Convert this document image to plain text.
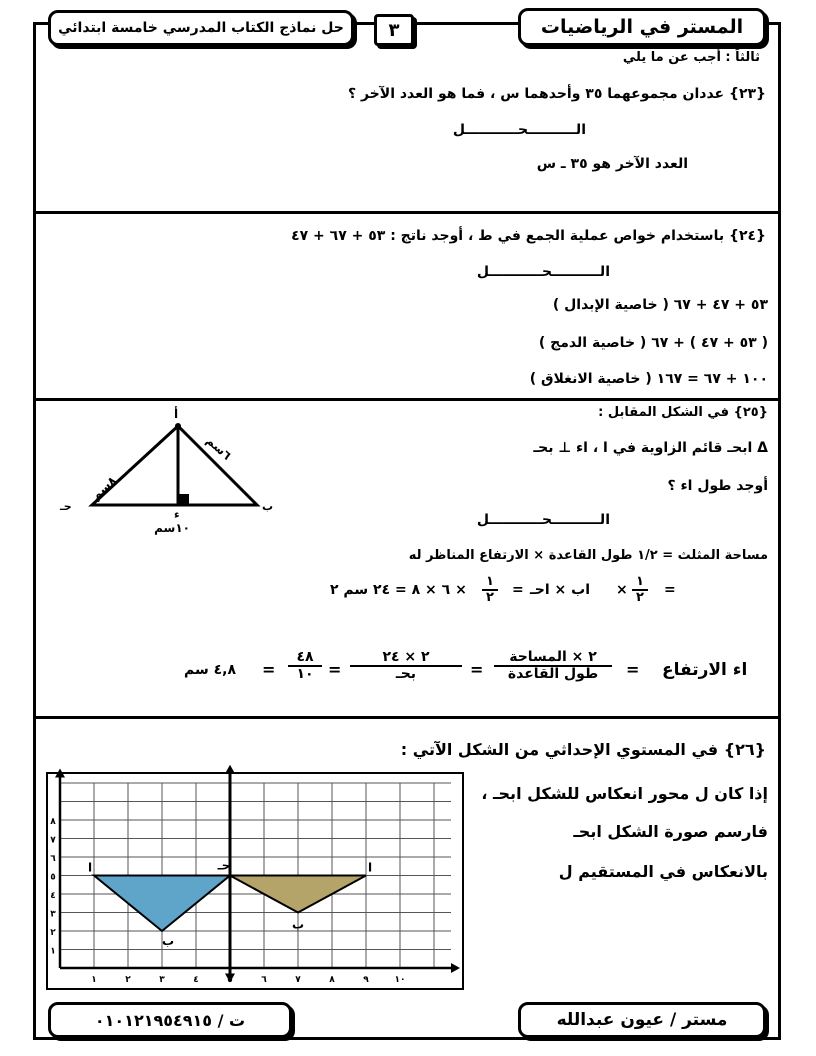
المستر في الرياضيات
٣
حل نماذج الكتاب المدرسي خامسة ابتدائي
ثالثاً : أجب عن ما يلي
{٢٣} عددان مجموعهما ٣٥ وأحدهما س ، فما هو العدد الآخر ؟
الــــــــــحـــــــــــل
العدد الآخر هو ٣٥ ـ س
{٢٤} باستخدام خواص عملية الجمع في ط ، أوجد ناتج : ٥٣ + ٦٧ + ٤٧
الــــــــــحـــــــــــل
٥٣ + ٤٧ + ٦٧ ( خاصية الإبدال )
( ٥٣ + ٤٧ ) + ٦٧ ( خاصية الدمج )
١٠٠ + ٦٧ = ١٦٧ ( خاصية الانغلاق )
{٢٥} في الشكل المقابل :
Δ ابحـ قائم الزاوية في ا ، اء ⊥ بحـ
أوجد طول اء ؟
الــــــــــحـــــــــــل
مساحة المثلث = ١/٢ طول القاعدة × الارتفاع المناظر له
=
١
٢
×
اب × احـ
=
١
٢
× ٦ × ٨ = ٢٤ سم ٢
اء الارتفاع
=
٢ × المساحة
طول القاعدة
=
٢ × ٢٤
بحـ
=
٤٨
١٠
=
٤,٨ سم
أ
حـ	ب
ء
٨سم
٦سم
١٠سم
{٢٦} في المستوي الإحداثي من الشكل الآتي :
إذا كان ل محور انعكاس للشكل ابحـ ،
فارسم صورة الشكل ابحـ
بالانعكاس في المستقيم ل
ا
ب
حـ
ا
ب
١	٢	٣	٤	٥	٦	٧	٨	٩	١٠
١
٢
٣
٤
٥
٦
٧
٨
مستر / عيون عبدالله
ت / ٠١٠١٢١٩٥٤٩١٥
